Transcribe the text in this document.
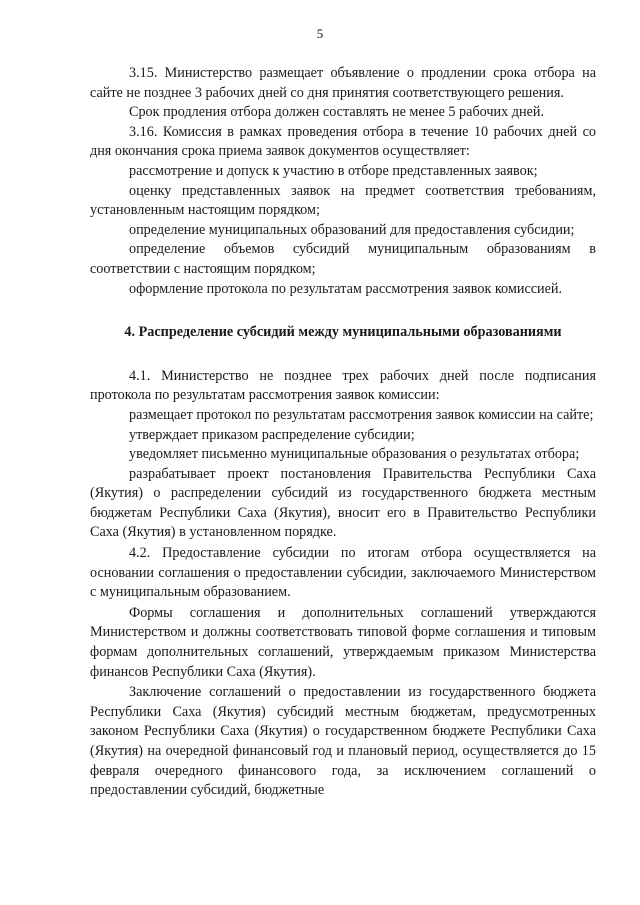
5

3.15. Министерство размещает объявление о продлении срока отбора на сайте не позднее 3 рабочих дней со дня принятия соответствующего решения.

Срок продления отбора должен составлять не менее 5 рабочих дней.

3.16. Комиссия в рамках проведения отбора в течение 10 рабочих дней со дня окончания срока приема заявок документов осуществляет:

рассмотрение и допуск к участию в отборе представленных заявок;

оценку представленных заявок на предмет соответствия требованиям, установленным настоящим порядком;

определение муниципальных образований для предоставления субсидии;

определение объемов субсидий муниципальным образованиям в соответствии с настоящим порядком;

оформление протокола по результатам рассмотрения заявок комиссией.

4. Распределение субсидий между муниципальными образованиями

4.1. Министерство не позднее трех рабочих дней после подписания протокола по результатам рассмотрения заявок комиссии:

размещает протокол по результатам рассмотрения заявок комиссии на сайте;

утверждает приказом распределение субсидии;

уведомляет письменно муниципальные образования о результатах отбора;

разрабатывает проект постановления Правительства Республики Саха (Якутия) о распределении субсидий из государственного бюджета местным бюджетам Республики Саха (Якутия), вносит его в Правительство Республики Саха (Якутия) в установленном порядке.

4.2. Предоставление субсидии по итогам отбора осуществляется на основании соглашения о предоставлении субсидии, заключаемого Министерством с муниципальным образованием.

Формы соглашения и дополнительных соглашений утверждаются Министерством и должны соответствовать типовой форме соглашения и типовым формам дополнительных соглашений, утверждаемым приказом Министерства финансов Республики Саха (Якутия).

Заключение соглашений о предоставлении из государственного бюджета Республики Саха (Якутия) субсидий местным бюджетам, предусмотренных законом Республики Саха (Якутия) о государственном бюджете Республики Саха (Якутия) на очередной финансовый год и плановый период, осуществляется до 15 февраля очередного финансового года, за исключением соглашений о предоставлении субсидий, бюджетные
